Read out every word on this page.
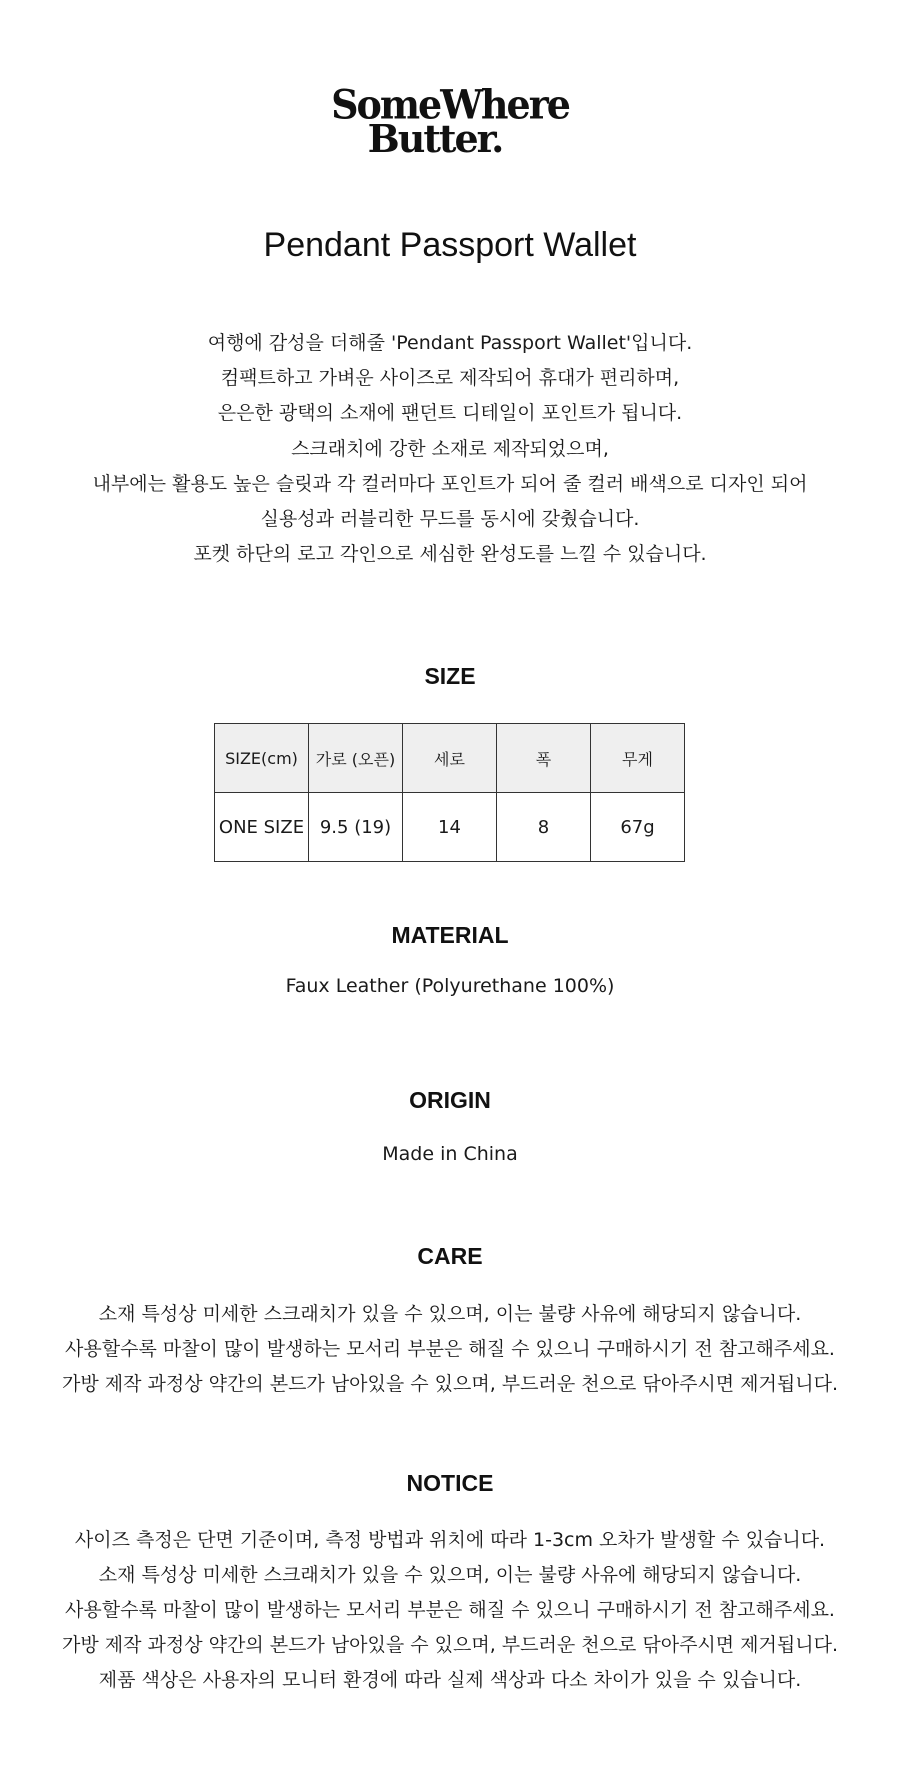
SomeWhere
Butter.
Pendant Passport Wallet
여행에 감성을 더해줄 'Pendant Passport Wallet'입니다.
컴팩트하고 가벼운 사이즈로 제작되어 휴대가 편리하며,
은은한 광택의 소재에 팬던트 디테일이 포인트가 됩니다.
스크래치에 강한 소재로 제작되었으며,
내부에는 활용도 높은 슬릿과 각 컬러마다 포인트가 되어 줄 컬러 배색으로 디자인 되어
실용성과 러블리한 무드를 동시에 갖췄습니다.
포켓 하단의 로고 각인으로 세심한 완성도를 느낄 수 있습니다.
SIZE
SIZE(cm)	가로 (오픈)	세로	폭	무게
ONE SIZE	9.5 (19)	14	8	67g
MATERIAL
Faux Leather (Polyurethane 100%)
ORIGIN
Made in China
CARE
소재 특성상 미세한 스크래치가 있을 수 있으며, 이는 불량 사유에 해당되지 않습니다.
사용할수록 마찰이 많이 발생하는 모서리 부분은 해질 수 있으니 구매하시기 전 참고해주세요.
가방 제작 과정상 약간의 본드가 남아있을 수 있으며, 부드러운 천으로 닦아주시면 제거됩니다.
NOTICE
사이즈 측정은 단면 기준이며, 측정 방법과 위치에 따라 1-3cm 오차가 발생할 수 있습니다.
소재 특성상 미세한 스크래치가 있을 수 있으며, 이는 불량 사유에 해당되지 않습니다.
사용할수록 마찰이 많이 발생하는 모서리 부분은 해질 수 있으니 구매하시기 전 참고해주세요.
가방 제작 과정상 약간의 본드가 남아있을 수 있으며, 부드러운 천으로 닦아주시면 제거됩니다.
제품 색상은 사용자의 모니터 환경에 따라 실제 색상과 다소 차이가 있을 수 있습니다.
